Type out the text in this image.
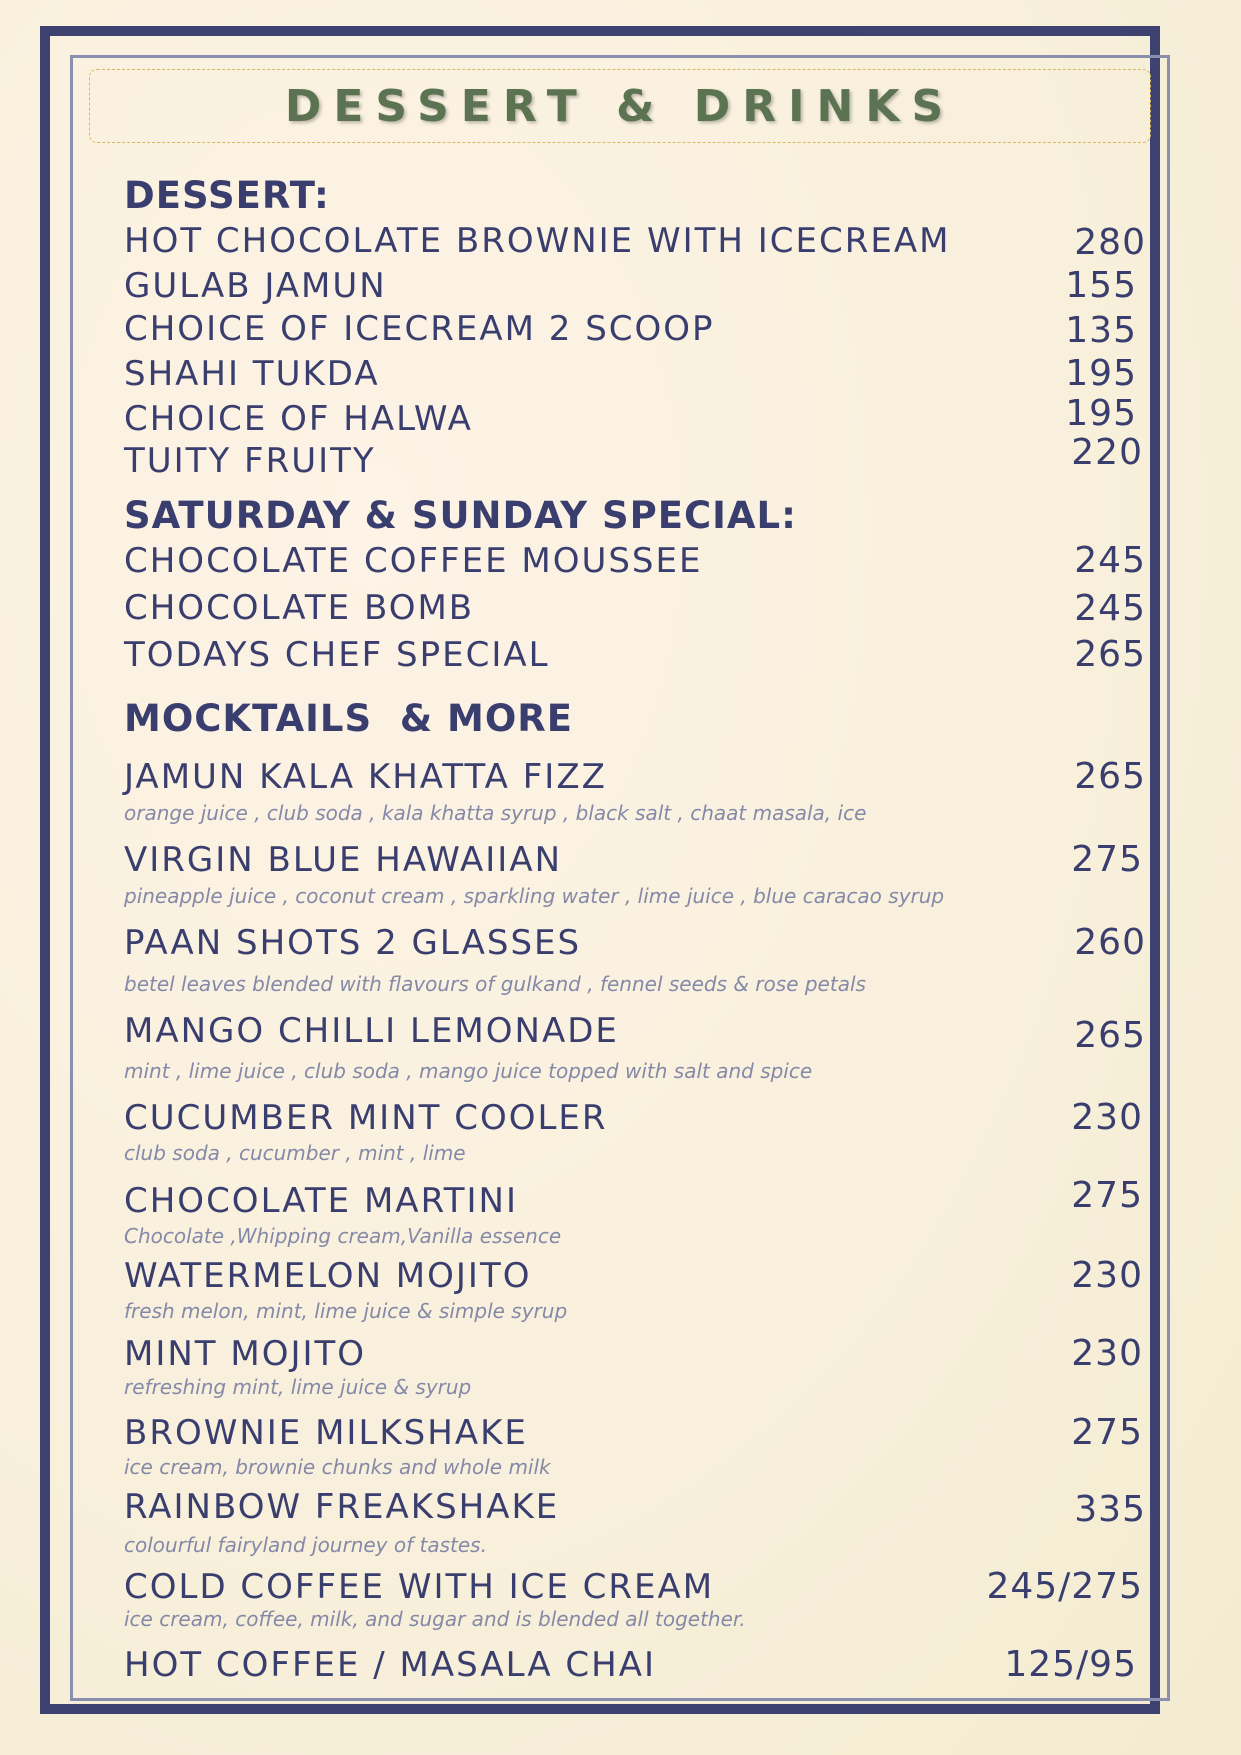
DESSERT & DRINKS
DESSERT:
HOT CHOCOLATE BROWNIE WITH ICECREAM	280
GULAB JAMUN	155
CHOICE OF ICECREAM 2 SCOOP	135
SHAHI TUKDA	195
CHOICE OF HALWA	195
TUITY FRUITY	220
SATURDAY & SUNDAY SPECIAL:
CHOCOLATE COFFEE MOUSSEE	245
CHOCOLATE BOMB	245
TODAYS CHEF SPECIAL	265
MOCKTAILS  & MORE
JAMUN KALA KHATTA FIZZ	265
orange juice , club soda , kala khatta syrup , black salt , chaat masala, ice
VIRGIN BLUE HAWAIIAN	275
pineapple juice , coconut cream , sparkling water , lime juice , blue caracao syrup
PAAN SHOTS 2 GLASSES	260
betel leaves blended with flavours of gulkand , fennel seeds & rose petals
MANGO CHILLI LEMONADE	265
mint , lime juice , club soda , mango juice topped with salt and spice
CUCUMBER MINT COOLER	230
club soda , cucumber , mint , lime
CHOCOLATE MARTINI	275
Chocolate ,Whipping cream,Vanilla essence
WATERMELON MOJITO	230
fresh melon, mint, lime juice & simple syrup
MINT MOJITO	230
refreshing mint, lime juice & syrup
BROWNIE MILKSHAKE	275
ice cream, brownie chunks and whole milk
RAINBOW FREAKSHAKE	335
colourful fairyland journey of tastes.
COLD COFFEE WITH ICE CREAM	245/275
ice cream, coffee, milk, and sugar and is blended all together.
HOT COFFEE / MASALA CHAI	125/95
